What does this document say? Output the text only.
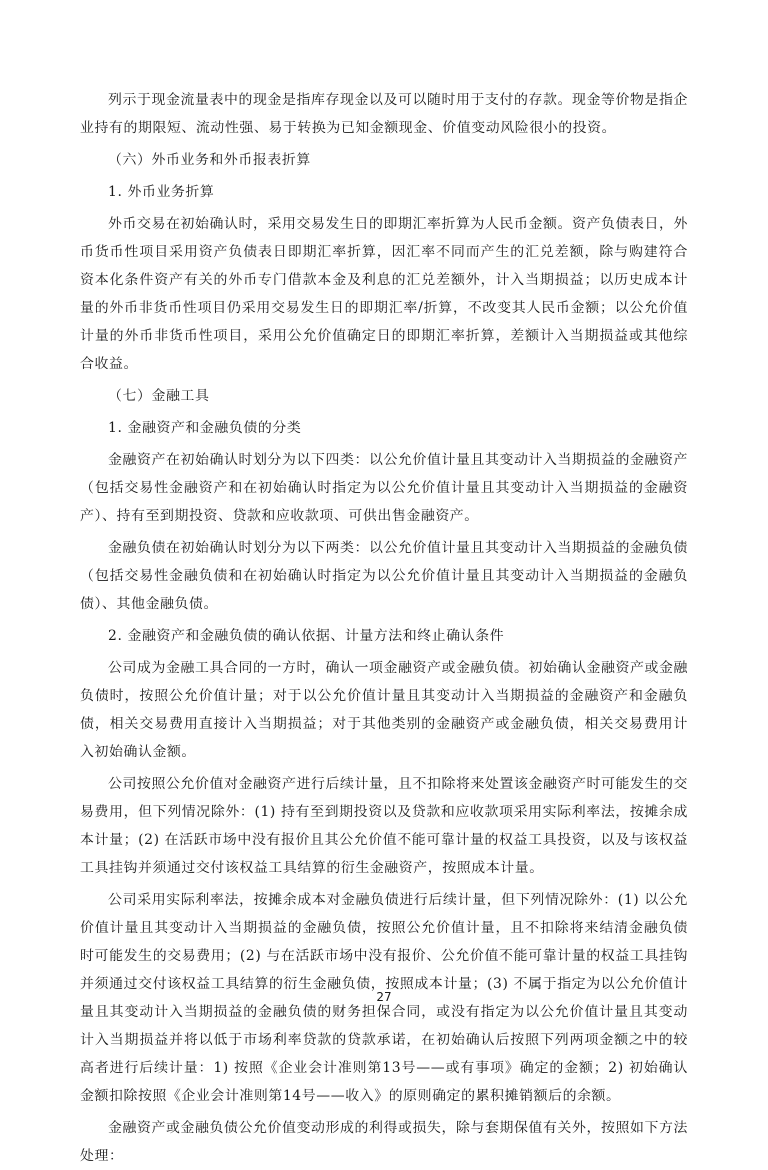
列示于现金流量表中的现金是指库存现金以及可以随时用于支付的存款。现金等价物是指企业持有的期限短、流动性强、易于转换为已知金额现金、价值变动风险很小的投资。

（六）外币业务和外币报表折算

1. 外币业务折算

外币交易在初始确认时，采用交易发生日的即期汇率折算为人民币金额。资产负债表日，外币货币性项目采用资产负债表日即期汇率折算，因汇率不同而产生的汇兑差额，除与购建符合资本化条件资产有关的外币专门借款本金及利息的汇兑差额外，计入当期损益；以历史成本计量的外币非货币性项目仍采用交易发生日的即期汇率/折算，不改变其人民币金额；以公允价值计量的外币非货币性项目，采用公允价值确定日的即期汇率折算，差额计入当期损益或其他综合收益。

（七）金融工具

1. 金融资产和金融负债的分类

金融资产在初始确认时划分为以下四类：以公允价值计量且其变动计入当期损益的金融资产（包括交易性金融资产和在初始确认时指定为以公允价值计量且其变动计入当期损益的金融资产）、持有至到期投资、贷款和应收款项、可供出售金融资产。

金融负债在初始确认时划分为以下两类：以公允价值计量且其变动计入当期损益的金融负债（包括交易性金融负债和在初始确认时指定为以公允价值计量且其变动计入当期损益的金融负债）、其他金融负债。

2. 金融资产和金融负债的确认依据、计量方法和终止确认条件

公司成为金融工具合同的一方时，确认一项金融资产或金融负债。初始确认金融资产或金融负债时，按照公允价值计量；对于以公允价值计量且其变动计入当期损益的金融资产和金融负债，相关交易费用直接计入当期损益；对于其他类别的金融资产或金融负债，相关交易费用计入初始确认金额。

公司按照公允价值对金融资产进行后续计量，且不扣除将来处置该金融资产时可能发生的交易费用，但下列情况除外：(1) 持有至到期投资以及贷款和应收款项采用实际利率法，按摊余成本计量；(2) 在活跃市场中没有报价且其公允价值不能可靠计量的权益工具投资，以及与该权益工具挂钩并须通过交付该权益工具结算的衍生金融资产，按照成本计量。

公司采用实际利率法，按摊余成本对金融负债进行后续计量，但下列情况除外：(1) 以公允价值计量且其变动计入当期损益的金融负债，按照公允价值计量，且不扣除将来结清金融负债时可能发生的交易费用；(2) 与在活跃市场中没有报价、公允价值不能可靠计量的权益工具挂钩并须通过交付该权益工具结算的衍生金融负债，按照成本计量；(3) 不属于指定为以公允价值计量且其变动计入当期损益的金融负债的财务担保合同，或没有指定为以公允价值计量且其变动计入当期损益并将以低于市场利率贷款的贷款承诺，在初始确认后按照下列两项金额之中的较高者进行后续计量：1) 按照《企业会计准则第13号——或有事项》确定的金额；2) 初始确认金额扣除按照《企业会计准则第14号——收入》的原则确定的累积摊销额后的余额。

金融资产或金融负债公允价值变动形成的利得或损失，除与套期保值有关外，按照如下方法处理：

27
